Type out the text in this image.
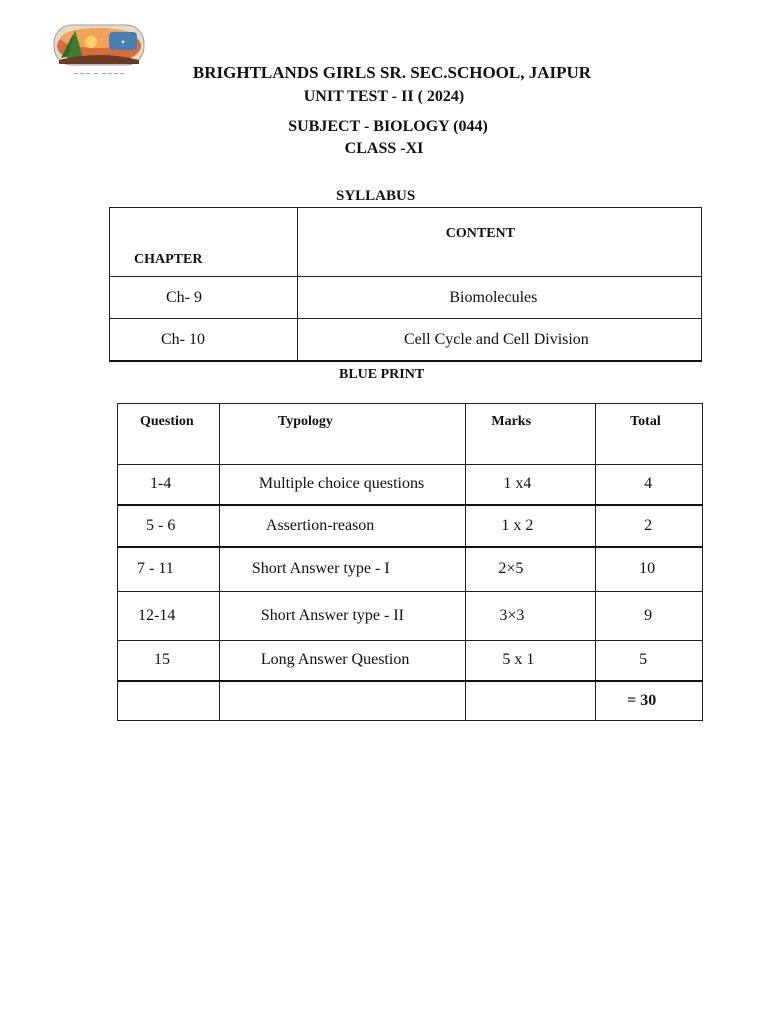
✦
~~~ ~ ~~~~	BRIGHTLANDS GIRLS SR. SEC.SCHOOL, JAIPUR
UNIT TEST - II ( 2024)
SUBJECT - BIOLOGY (044)
CLASS -XI
SYLLABUS
CHAPTER	CONTENT
Ch- 9	Biomolecules
Ch- 10	Cell Cycle and Cell Division
BLUE PRINT
Question	Typology	Marks	Total
1-4	Multiple choice questions	1 x4	4
5 - 6	Assertion-reason	1 x 2	2
7 - 11	Short Answer type - I	2×5	10
12-14	Short Answer type - II	3×3	9
15	Long Answer Question	5 x 1	5
			= 30
